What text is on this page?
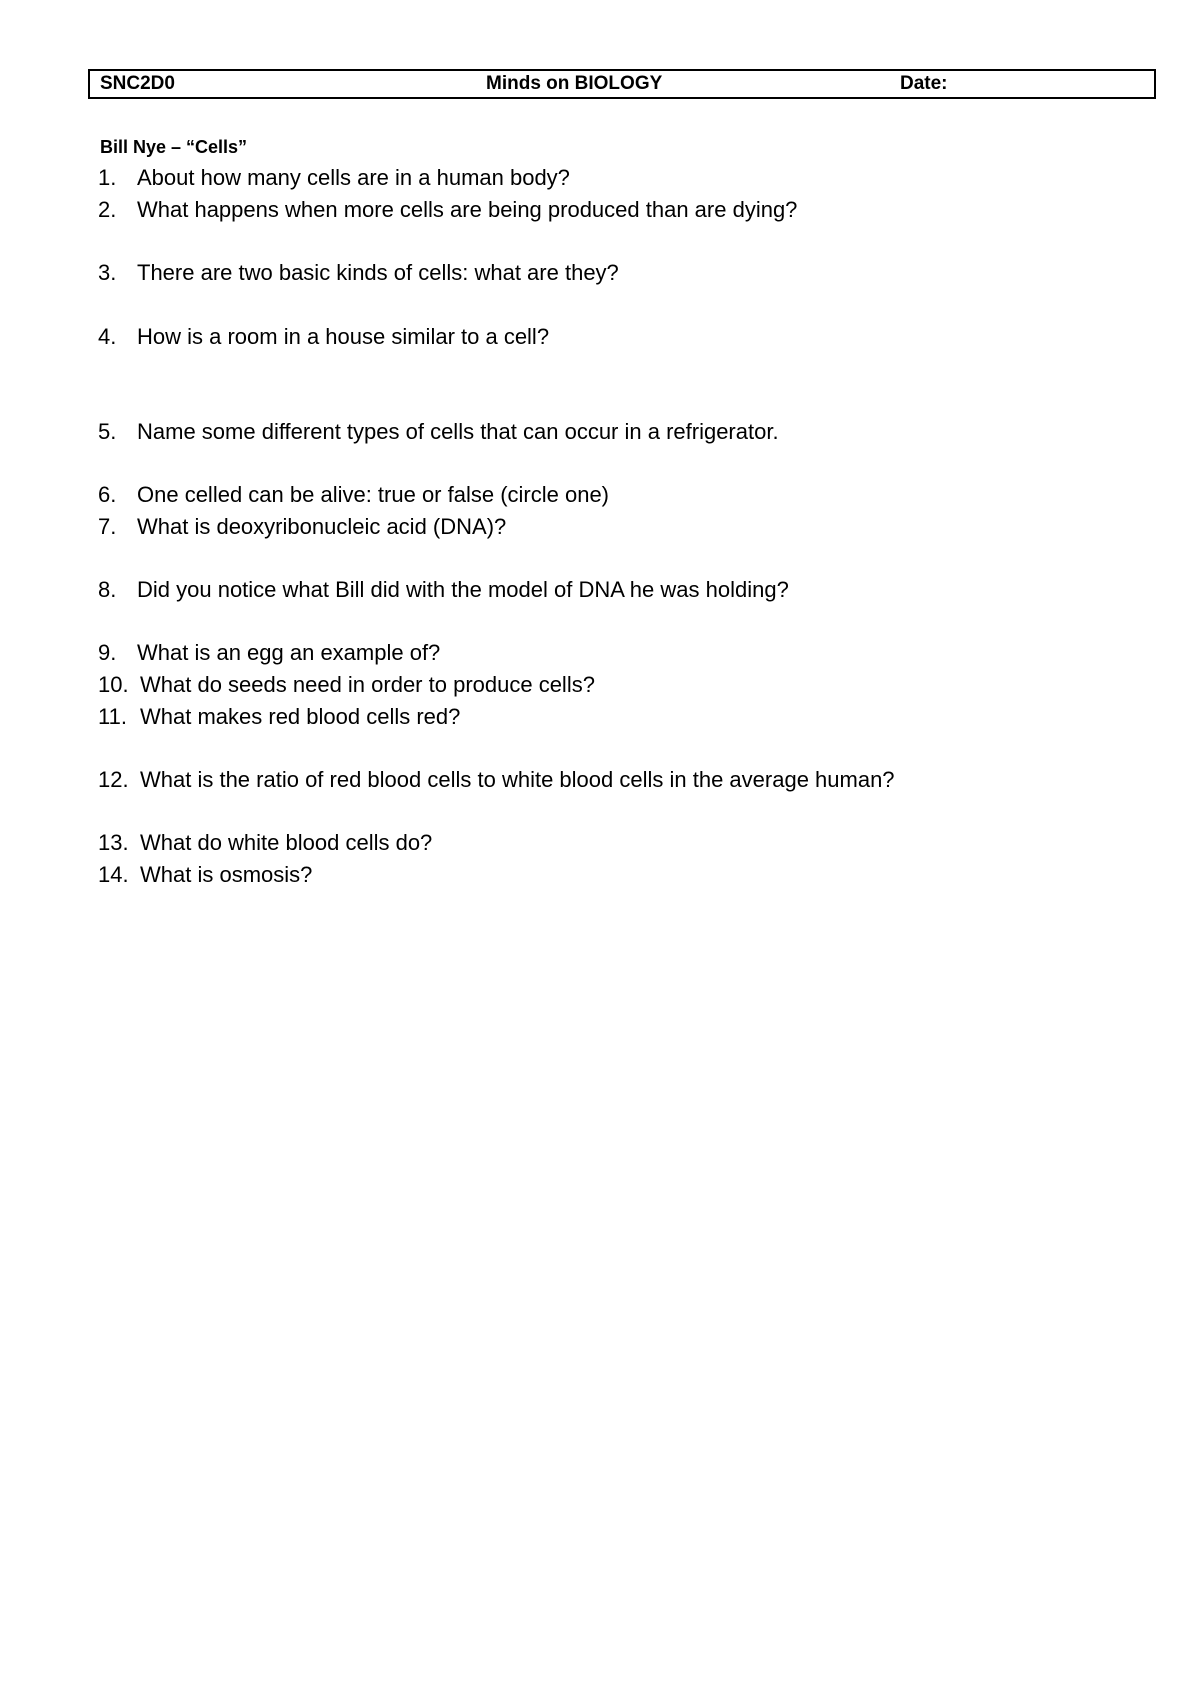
SNC2D0	Minds on BIOLOGY	Date:
Bill Nye – “Cells”
1. About how many cells are in a human body?
2. What happens when more cells are being produced than are dying?
3. There are two basic kinds of cells: what are they?
4. How is a room in a house similar to a cell?
5. Name some different types of cells that can occur in a refrigerator.
6. One celled can be alive: true or false (circle one)
7. What is deoxyribonucleic acid (DNA)?
8. Did you notice what Bill did with the model of DNA he was holding?
9. What is an egg an example of?
10. What do seeds need in order to produce cells?
11. What makes red blood cells red?
12. What is the ratio of red blood cells to white blood cells in the average human?
13. What do white blood cells do?
14. What is osmosis?
